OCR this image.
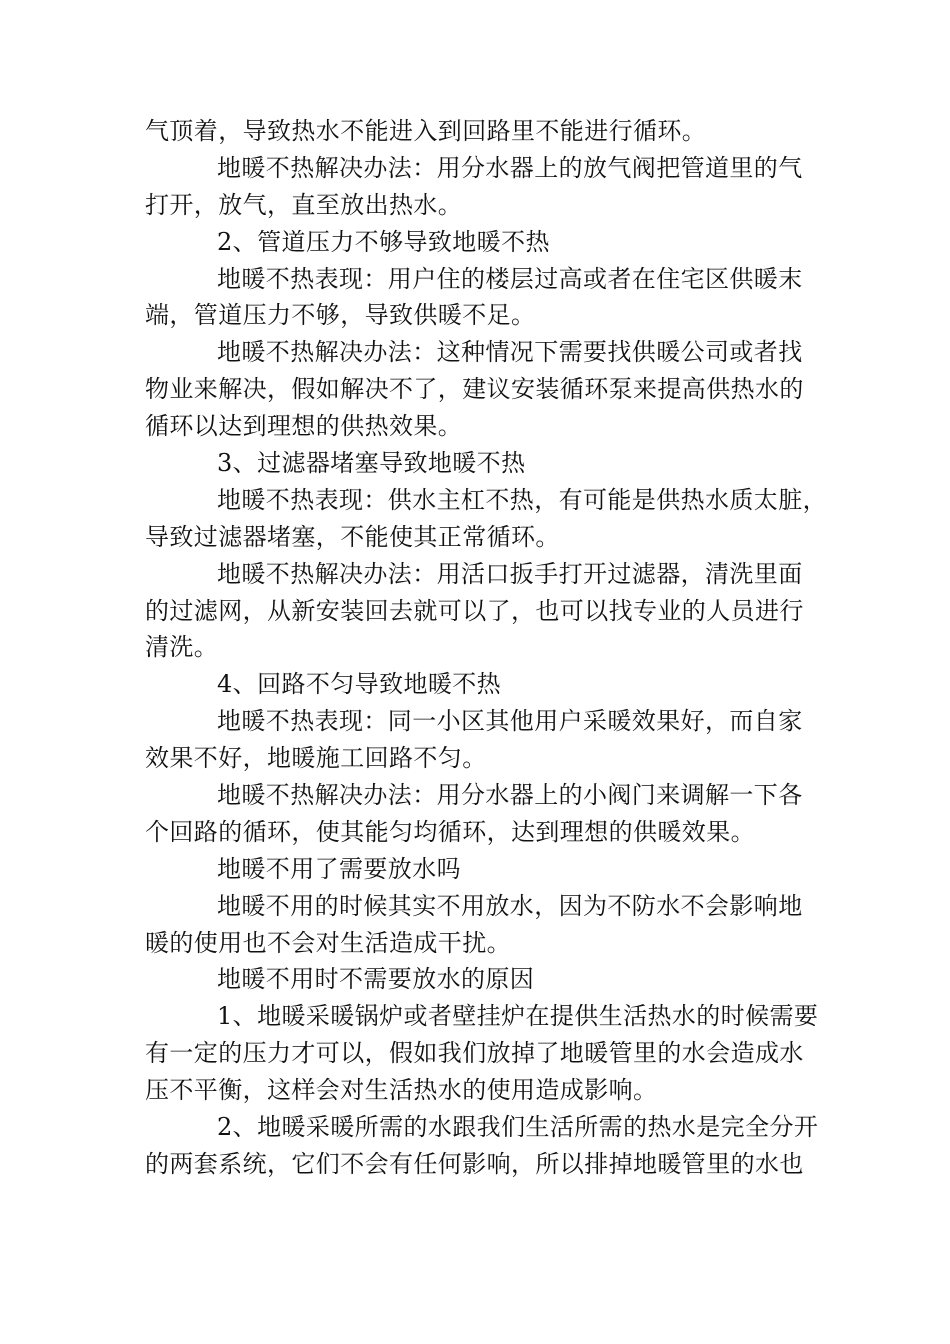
气顶着，导致热水不能进入到回路里不能进行循环。
地暖不热解决办法：用分水器上的放气阀把管道里的气
打开，放气，直至放出热水。
2、管道压力不够导致地暖不热
地暖不热表现：用户住的楼层过高或者在住宅区供暖末
端，管道压力不够，导致供暖不足。
地暖不热解决办法：这种情况下需要找供暖公司或者找
物业来解决，假如解决不了，建议安装循环泵来提高供热水的
循环以达到理想的供热效果。
3、过滤器堵塞导致地暖不热
地暖不热表现：供水主杠不热，有可能是供热水质太脏，
导致过滤器堵塞，不能使其正常循环。
地暖不热解决办法：用活口扳手打开过滤器，清洗里面
的过滤网，从新安装回去就可以了，也可以找专业的人员进行
清洗。
4、回路不匀导致地暖不热
地暖不热表现：同一小区其他用户采暖效果好，而自家
效果不好，地暖施工回路不匀。
地暖不热解决办法：用分水器上的小阀门来调解一下各
个回路的循环，使其能匀均循环，达到理想的供暖效果。
地暖不用了需要放水吗
地暖不用的时候其实不用放水，因为不防水不会影响地
暖的使用也不会对生活造成干扰。
地暖不用时不需要放水的原因
1、地暖采暖锅炉或者壁挂炉在提供生活热水的时候需要
有一定的压力才可以，假如我们放掉了地暖管里的水会造成水
压不平衡，这样会对生活热水的使用造成影响。
2、地暖采暖所需的水跟我们生活所需的热水是完全分开
的两套系统，它们不会有任何影响，所以排掉地暖管里的水也
